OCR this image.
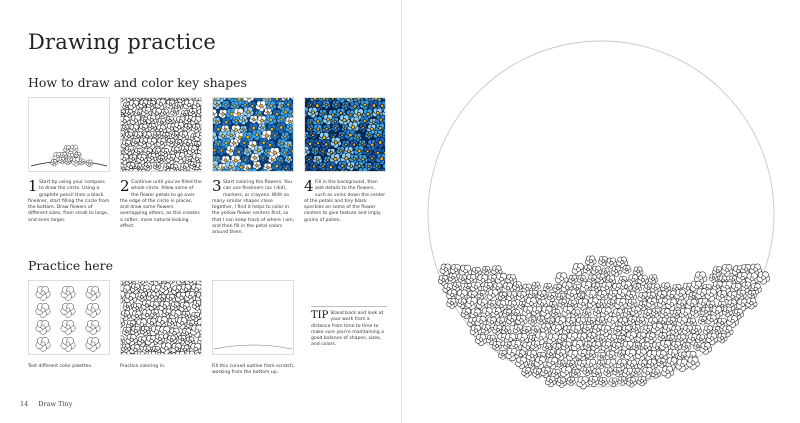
Drawing practice
How to draw and color key shapes
1 Start by using your compass to draw the circle. Using a graphite pencil then a black fineliner, start filling the circle from the bottom. Draw flowers of different sizes, from small to large, and even larger.
2 Continue until you've filled the whole circle. Allow some of the flower petals to go over the edge of the circle in places, and draw some flowers overlapping others, as this creates a softer, more natural-looking effect.
3 Start coloring the flowers. You can use fineliners (as I did), markers, or crayons. With so many similar shapes close together, I find it helps to color in the yellow flower centers first, so that I can keep track of where I am, and then fill in the petal colors around them.
4 Fill in the background, then add details to the flowers, such as veins down the center of the petals and tiny black speckles on some of the flower centers to give texture and imply grains of pollen.
Practice here
Test different color palettes.	Practice coloring in.	Fill this curved outline from scratch, working from the bottom up.
TIP Stand back and look at your work from a distance from time to time to make sure you're maintaining a good balance of shapes, sizes, and colors.
14 Draw Tiny
